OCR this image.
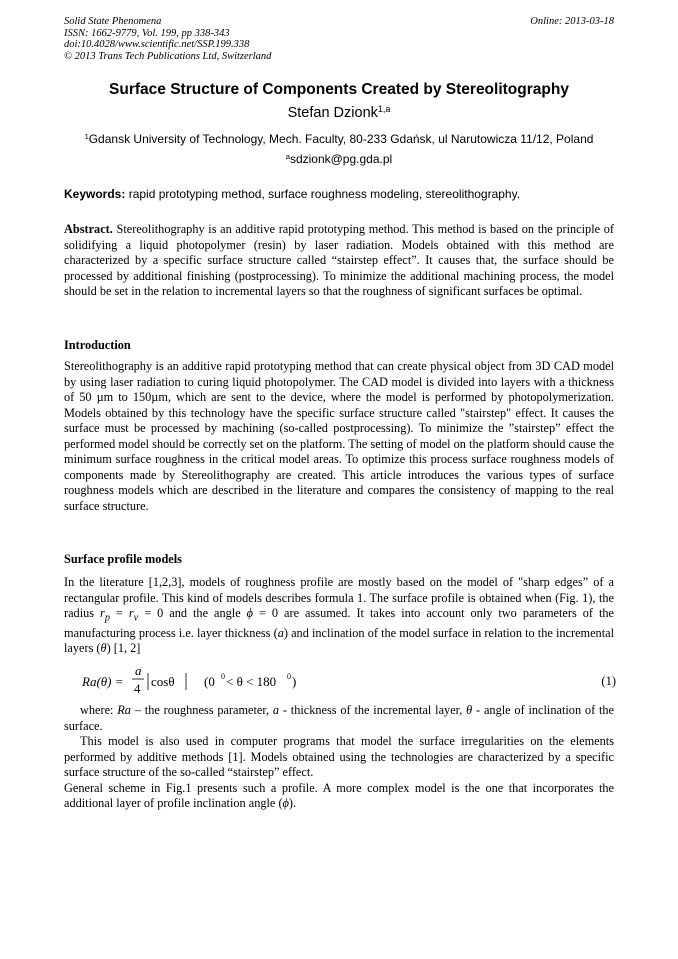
Solid State Phenomena
ISSN: 1662-9779, Vol. 199, pp 338-343
doi:10.4028/www.scientific.net/SSP.199.338
© 2013 Trans Tech Publications Ltd, Switzerland
Online: 2013-03-18
Surface Structure of Components Created by Stereolitography
Stefan Dzionk$^{1,a}$
$^1$Gdansk University of Technology, Mech. Faculty, 80-233 Gdańsk, ul Narutowicza 11/12, Poland
$^a$sdzionk@pg.gda.pl
Keywords: rapid prototyping method, surface roughness modeling, stereolithography.

Abstract. Stereolithography is an additive rapid prototyping method. This method is based on the principle of solidifying a liquid photopolymer (resin) by laser radiation. Models obtained with this method are characterized by a specific surface structure called “stairstep effect”. It causes that, the surface should be processed by additional finishing (postprocessing). To minimize the additional machining process, the model should be set in the relation to incremental layers so that the roughness of significant surfaces be optimal.

Introduction

Stereolithography is an additive rapid prototyping method that can create physical object from 3D CAD model by using laser radiation to curing liquid photopolymer. The CAD model is divided into layers with a thickness of 50 µm to 150µm, which are sent to the device, where the model is performed by photopolymerization. Models obtained by this technology have the specific surface structure called "stairstep" effect. It causes the surface must be processed by machining (so-called postprocessing). To minimize the ”stairstep” effect the performed model should be correctly set on the platform. The setting of model on the platform should cause the minimum surface roughness in the critical model areas. To optimize this process surface roughness models of components made by Stereolithography are created. This article introduces the various types of surface roughness models which are described in the literature and compares the consistency of mapping to the real surface structure.

Surface profile models

In the literature [1,2,3], models of roughness profile are mostly based on the model of "sharp edges” of a rectangular profile. This kind of models describes formula 1. The surface profile is obtained when (Fig. 1), the radius $r_p = r_v = 0$ and the angle ϕ = 0 are assumed. It takes into account only two parameters of the manufacturing process i.e. layer thickness (a) and inclination of the model surface in relation to the incremental layers (θ) [1, 2]

Ra(θ) =
a
4 cosθ (0 0 < θ < 180 0 )	(1)

where: Ra – the roughness parameter, a - thickness of the incremental layer, θ - angle of inclination of the surface.

This model is also used in computer programs that model the surface irregularities on the elements performed by additive methods [1]. Models obtained using the technologies are characterized by a specific surface structure of the so-called “stairstep” effect.

General scheme in Fig.1 presents such a profile. A more complex model is the one that incorporates the additional layer of profile inclination angle (ϕ).
